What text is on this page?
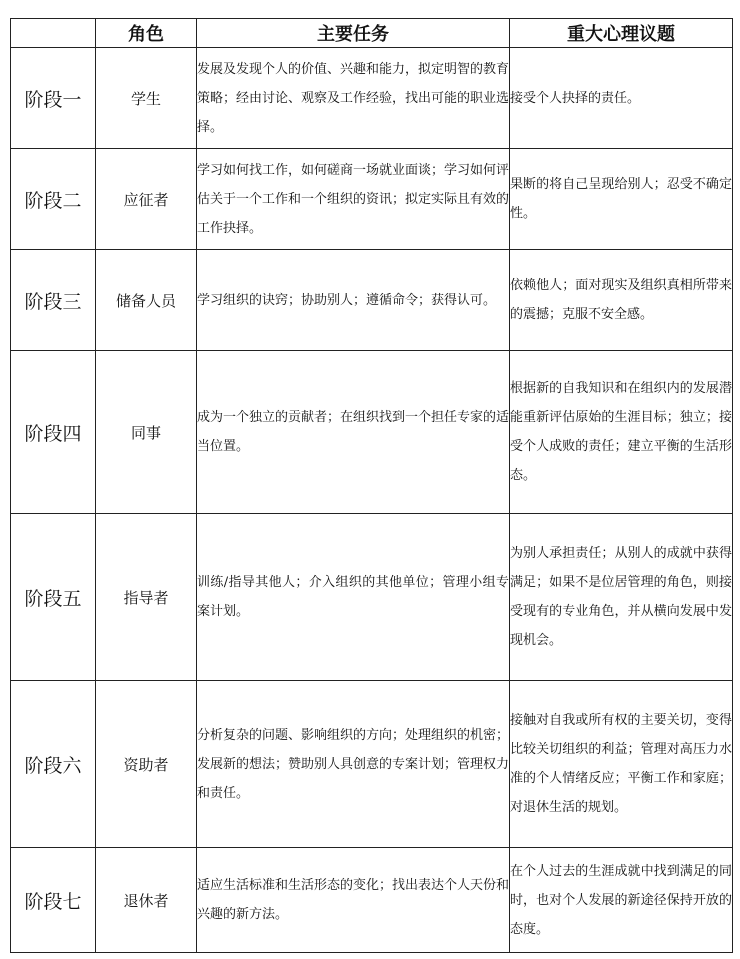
	角色	主要任务	重大心理议题
阶段一	学生	发展及发现个人的价值、兴趣和能力，拟定明智的教育策略；经由讨论、观察及工作经验，找出可能的职业选择。	接受个人抉择的责任。
阶段二	应征者	学习如何找工作，如何磋商一场就业面谈；学习如何评估关于一个工作和一个组织的资讯；拟定实际且有效的工作抉择。	果断的将自己呈现给别人；忍受不确定性。
阶段三	储备人员	学习组织的诀窍；协助别人；遵循命令；获得认可。	依赖他人；面对现实及组织真相所带来的震撼；克服不安全感。
阶段四	同事	成为一个独立的贡献者；在组织找到一个担任专家的适当位置。	根据新的自我知识和在组织内的发展潜能重新评估原始的生涯目标；独立；接受个人成败的责任；建立平衡的生活形态。
阶段五	指导者	训练/指导其他人；介入组织的其他单位；管理小组专案计划。	为别人承担责任；从别人的成就中获得满足；如果不是位居管理的角色，则接受现有的专业角色，并从横向发展中发现机会。
阶段六	资助者	分析复杂的问题、影响组织的方向；处理组织的机密；发展新的想法；赞助别人具创意的专案计划；管理权力和责任。	接触对自我或所有权的主要关切，变得比较关切组织的利益；管理对高压力水准的个人情绪反应；平衡工作和家庭；对退休生活的规划。
阶段七	退休者	适应生活标准和生活形态的变化；找出表达个人天份和兴趣的新方法。	在个人过去的生涯成就中找到满足的同时，也对个人发展的新途径保持开放的态度。
